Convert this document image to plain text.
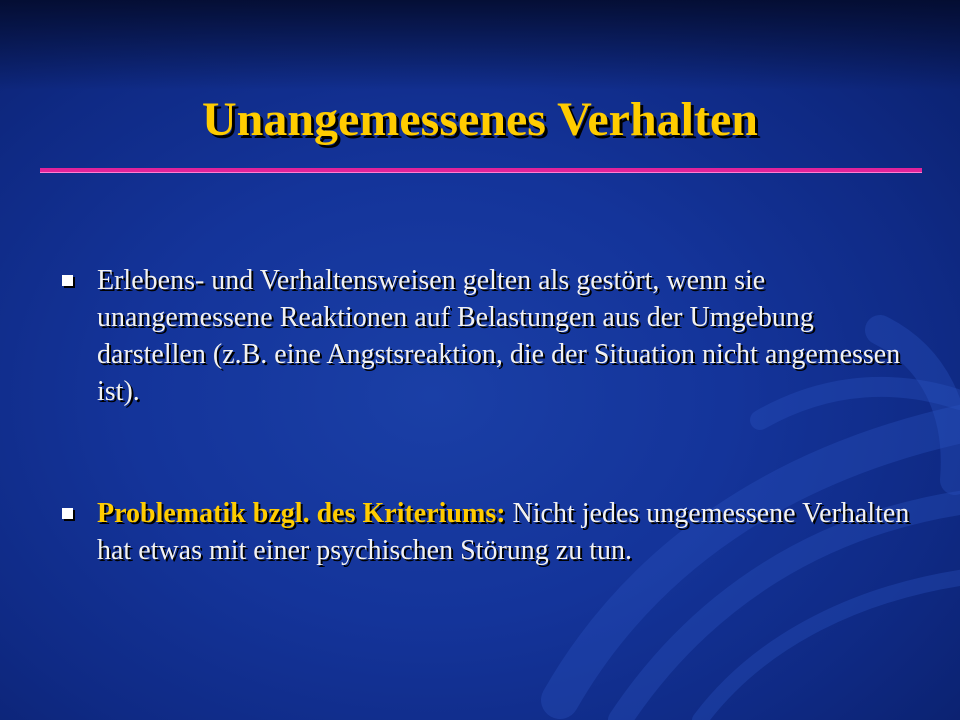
Unangemessenes Verhalten
Erlebens- und Verhaltensweisen gelten als gestört, wenn sie unangemessene Reaktionen auf Belastungen aus der Umgebung darstellen (z.B. eine Angstsreaktion, die der Situation nicht angemessen ist).
Problematik bzgl. des Kriteriums: Nicht jedes ungemessene Verhalten hat etwas mit einer psychischen Störung zu tun.
